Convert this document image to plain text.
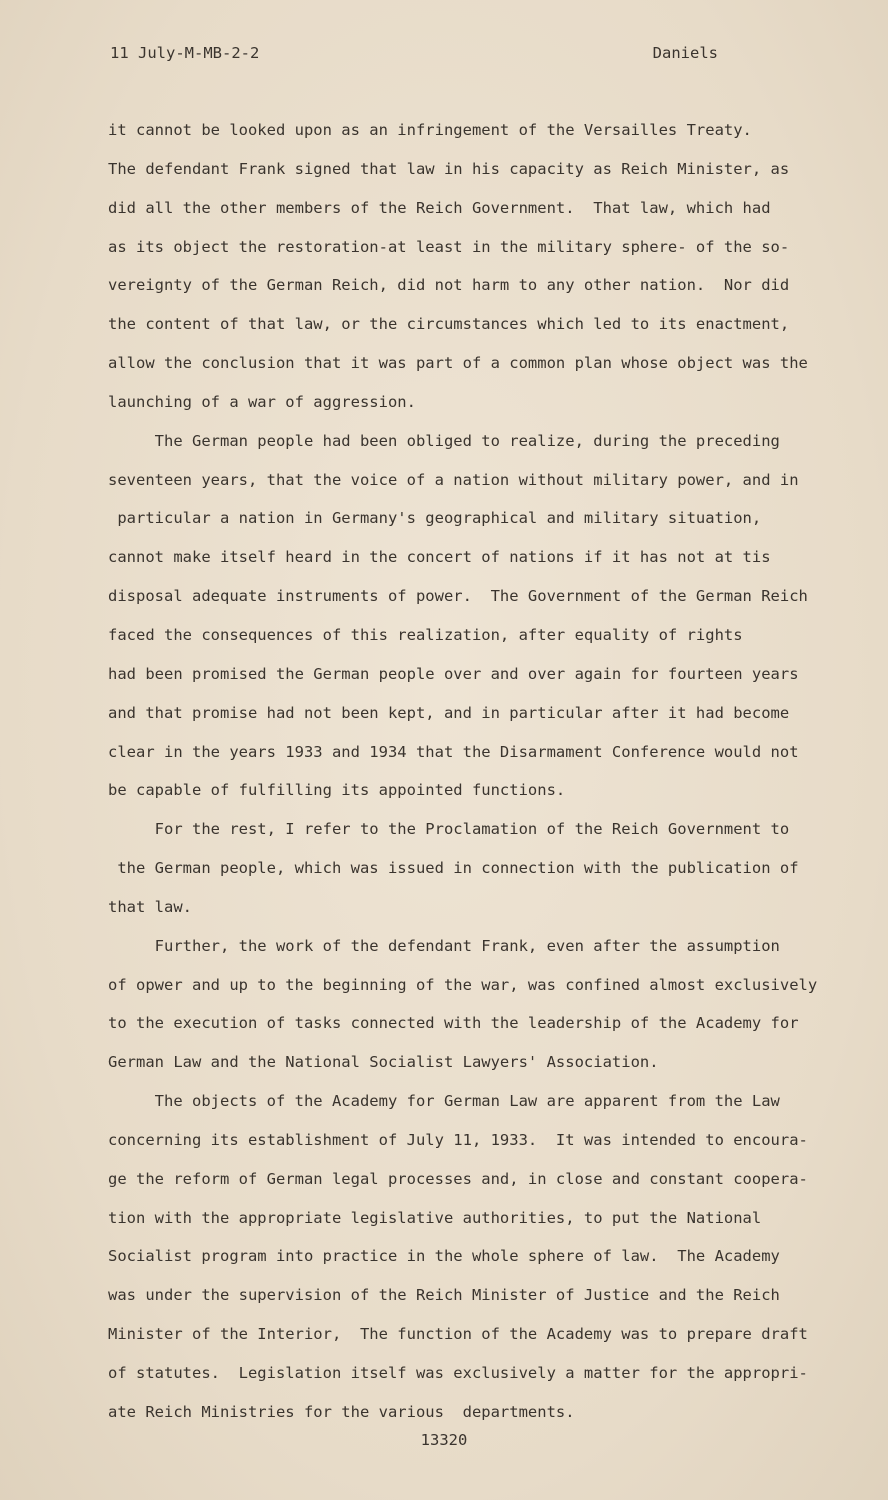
11 July-M-MB-2-2	Daniels
it cannot be looked upon as an infringement of the Versailles Treaty.
The defendant Frank signed that law in his capacity as Reich Minister, as
did all the other members of the Reich Government.  That law, which had
as its object the restoration-at least in the military sphere- of the so-
vereignty of the German Reich, did not harm to any other nation.  Nor did
the content of that law, or the circumstances which led to its enactment,
allow the conclusion that it was part of a common plan whose object was the
launching of a war of aggression.
The German people had been obliged to realize, during the preceding
seventeen years, that the voice of a nation without military power, and in
particular a nation in Germany's geographical and military situation,
cannot make itself heard in the concert of nations if it has not at tis
disposal adequate instruments of power.  The Government of the German Reich
faced the consequences of this realization, after equality of rights
had been promised the German people over and over again for fourteen years
and that promise had not been kept, and in particular after it had become
clear in the years 1933 and 1934 that the Disarmament Conference would not
be capable of fulfilling its appointed functions.
For the rest, I refer to the Proclamation of the Reich Government to
the German people, which was issued in connection with the publication of
that law.
Further, the work of the defendant Frank, even after the assumption
of opwer and up to the beginning of the war, was confined almost exclusively
to the execution of tasks connected with the leadership of the Academy for
German Law and the National Socialist Lawyers' Association.
The objects of the Academy for German Law are apparent from the Law
concerning its establishment of July 11, 1933.  It was intended to encoura-
ge the reform of German legal processes and, in close and constant coopera-
tion with the appropriate legislative authorities, to put the National
Socialist program into practice in the whole sphere of law.  The Academy
was under the supervision of the Reich Minister of Justice and the Reich
Minister of the Interior,  The function of the Academy was to prepare draft
of statutes.  Legislation itself was exclusively a matter for the appropri-
ate Reich Ministries for the various  departments.
13320
